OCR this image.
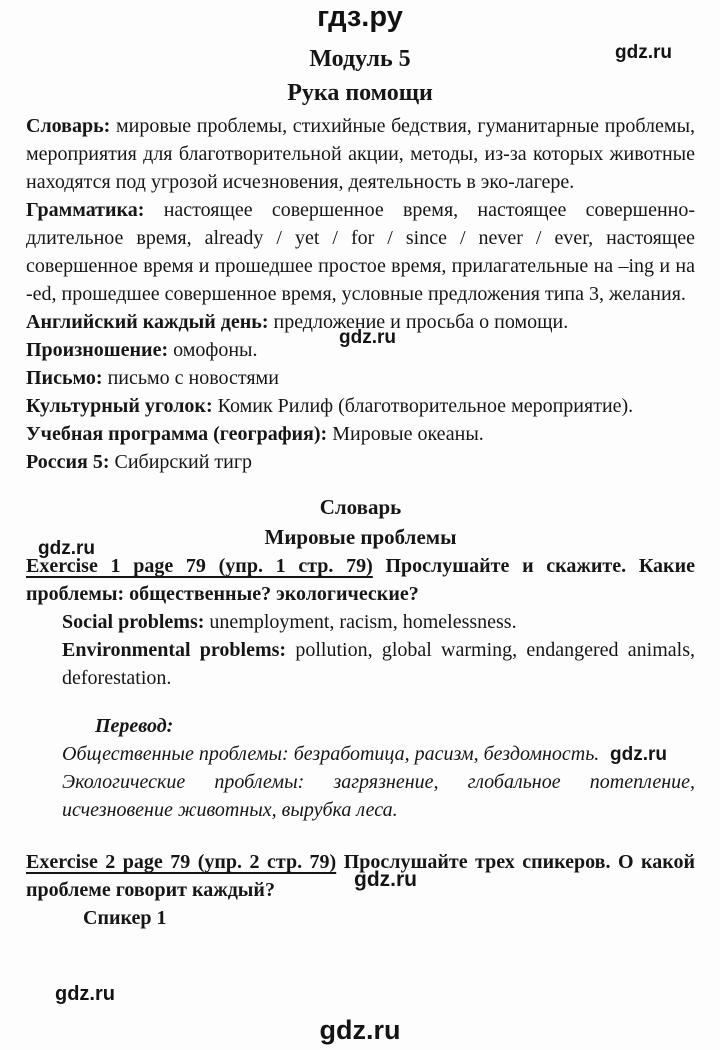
гдз.ру
gdz.ru
gdz.ru
gdz.ru
gdz.ru
gdz.ru
gdz.ru
gdz.ru
Модуль 5
Рука помощи

Словарь: мировые проблемы, стихийные бедствия, гуманитарные проблемы, мероприятия для благотворительной акции, методы, из-за которых животные находятся под угрозой исчезновения, деятельность в эко-лагере.

Грамматика: настоящее совершенное время, настоящее совершенно-длительное время, already / yet / for / since / never / ever, настоящее совершенное время и прошедшее простое время, прилагательные на –ing и на -ed, прошедшее совершенное время, условные предложения типа 3, желания.

Английский каждый день: предложение и просьба о помощи.

Произношение: омофоны.

Письмо: письмо с новостями

Культурный уголок: Комик Рилиф (благотворительное мероприятие).

Учебная программа (география): Мировые океаны.

Россия 5: Сибирский тигр

Словарь
Мировые проблемы

Exercise 1 page 79 (упр. 1 стр. 79) Прослушайте и скажите. Какие проблемы: общественные? экологические?

Social problems: unemployment, racism, homelessness.

Environmental problems: pollution, global warming, endangered animals, deforestation.

Перевод:

Общественные проблемы: безработица, расизм, бездомность.

Экологические проблемы: загрязнение, глобальное потепление, исчезновение животных, вырубка леса.

Exercise 2 page 79 (упр. 2 стр. 79) Прослушайте трех спикеров. О какой проблеме говорит каждый?

Спикер 1
